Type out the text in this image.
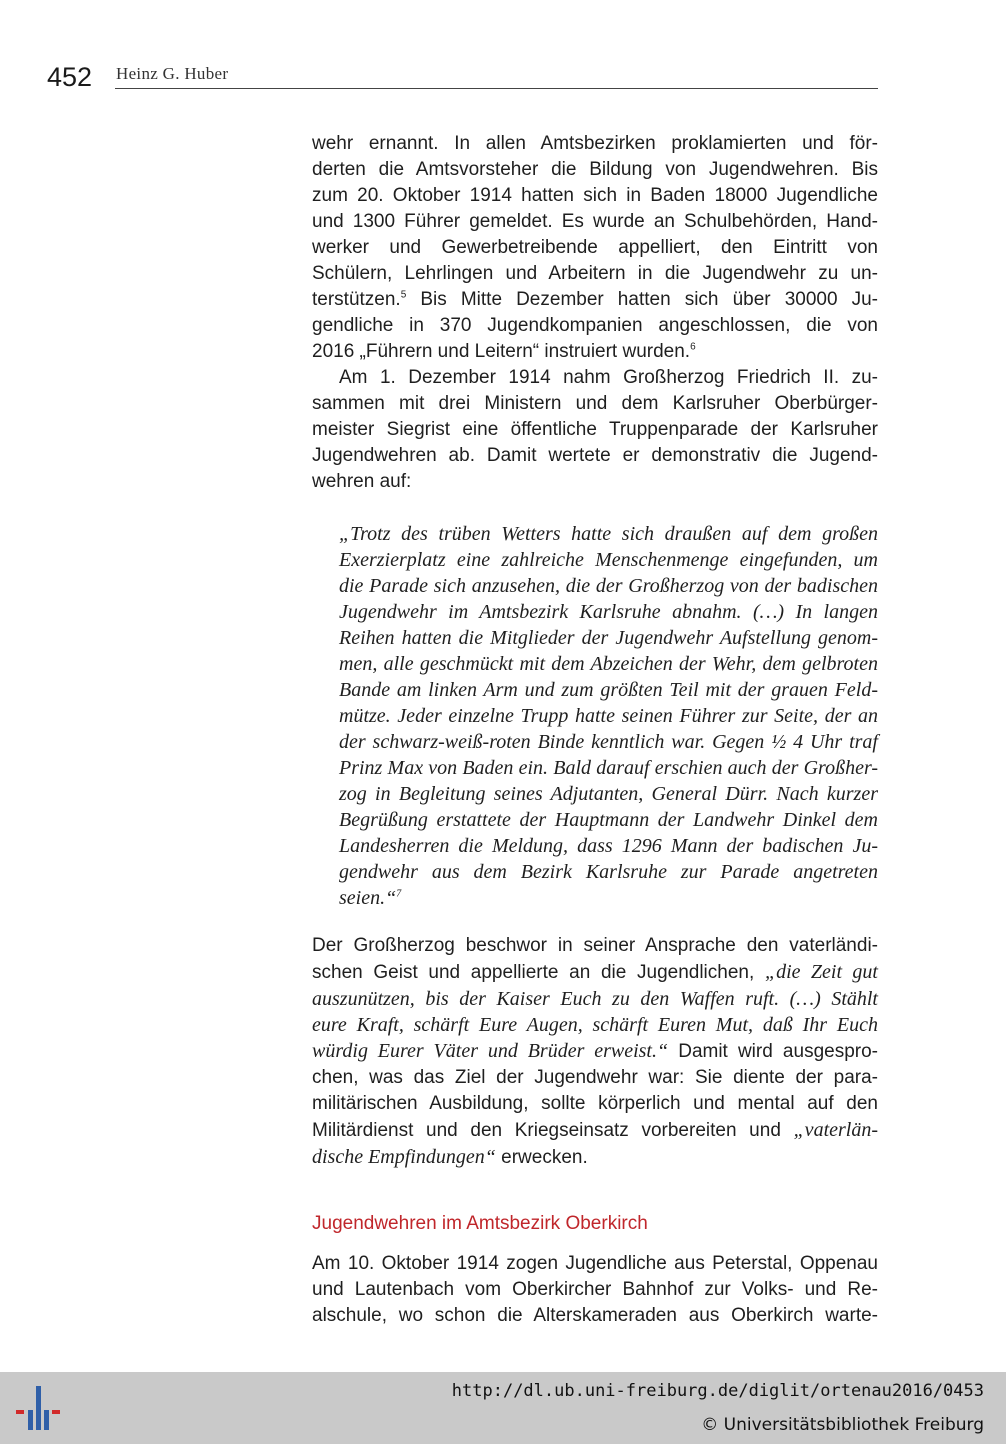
452 Heinz G. Huber

wehr ernannt. In allen Amtsbezirken proklamierten und för-
derten die Amtsvorsteher die Bildung von Jugendwehren. Bis
zum 20. Oktober 1914 hatten sich in Baden 18000 Jugendliche
und 1300 Führer gemeldet. Es wurde an Schulbehörden, Hand-
werker und Gewerbetreibende appelliert, den Eintritt von
Schülern, Lehrlingen und Arbeitern in die Jugendwehr zu un-
terstützen.$^5$ Bis Mitte Dezember hatten sich über 30000 Ju-
gendliche in 370 Jugendkompanien angeschlossen, die von
2016 „Führern und Leitern“ instruiert wurden.$^6$

Am 1. Dezember 1914 nahm Großherzog Friedrich II. zu-
sammen mit drei Ministern und dem Karlsruher Oberbürger-
meister Siegrist eine öffentliche Truppenparade der Karlsruher
Jugendwehren ab. Damit wertete er demonstrativ die Jugend-
wehren auf:

„Trotz des trüben Wetters hatte sich draußen auf dem großen
Exerzierplatz eine zahlreiche Menschenmenge eingefunden, um
die Parade sich anzusehen, die der Großherzog von der badischen
Jugendwehr im Amtsbezirk Karlsruhe abnahm. (…) In langen
Reihen hatten die Mitglieder der Jugendwehr Aufstellung genom-
men, alle geschmückt mit dem Abzeichen der Wehr, dem gelbroten
Bande am linken Arm und zum größten Teil mit der grauen Feld-
mütze. Jeder einzelne Trupp hatte seinen Führer zur Seite, der an
der schwarz-weiß-roten Binde kenntlich war. Gegen ½ 4 Uhr traf
Prinz Max von Baden ein. Bald darauf erschien auch der Großher-
zog in Begleitung seines Adjutanten, General Dürr. Nach kurzer
Begrüßung erstattete der Hauptmann der Landwehr Dinkel dem
Landesherren die Meldung, dass 1296 Mann der badischen Ju-
gendwehr aus dem Bezirk Karlsruhe zur Parade angetreten seien.“$^7$

Der Großherzog beschwor in seiner Ansprache den vaterländi-
schen Geist und appellierte an die Jugendlichen, „die Zeit gut
auszunützen, bis der Kaiser Euch zu den Waffen ruft. (…) Stählt
eure Kraft, schärft Eure Augen, schärft Euren Mut, daß Ihr Euch
würdig Eurer Väter und Brüder erweist.“ Damit wird ausgespro-
chen, was das Ziel der Jugendwehr war: Sie diente der para-
militärischen Ausbildung, sollte körperlich und mental auf den
Militärdienst und den Kriegseinsatz vorbereiten und „vaterlän-
dische Empfindungen“ erwecken.

Jugendwehren im Amtsbezirk Oberkirch

Am 10. Oktober 1914 zogen Jugendliche aus Peterstal, Oppenau
und Lautenbach vom Oberkircher Bahnhof zur Volks- und Re-
alschule, wo schon die Alterskameraden aus Oberkirch warte-

http://dl.ub.uni-freiburg.de/diglit/ortenau2016/0453
© Universitätsbibliothek Freiburg
